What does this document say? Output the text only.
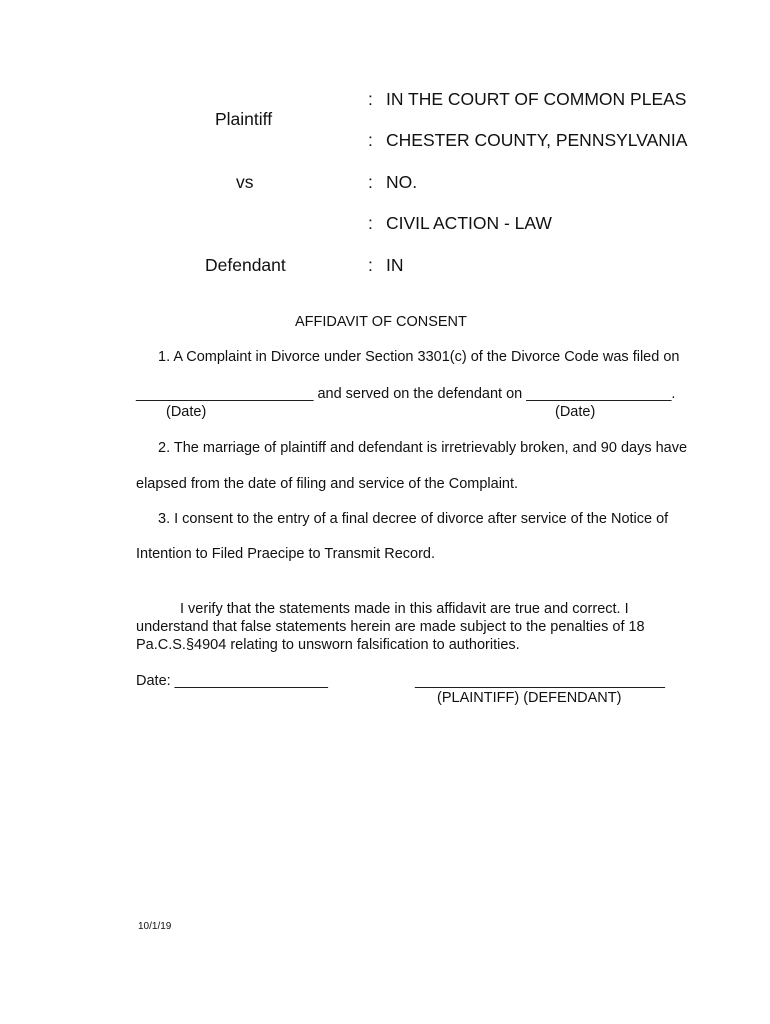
Plaintiff
vs
Defendant
: IN THE COURT OF COMMON PLEAS
: CHESTER COUNTY, PENNSYLVANIA
: NO.
: CIVIL ACTION - LAW
: IN
AFFIDAVIT OF CONSENT
1. A Complaint in Divorce under Section 3301(c) of the Divorce Code was filed on
______________________ and served on the defendant on __________________.
(Date)	(Date)
2. The marriage of plaintiff and defendant is irretrievably broken, and 90 days have
elapsed from the date of filing and service of the Complaint.
3. I consent to the entry of a final decree of divorce after service of the Notice of
Intention to Filed Praecipe to Transmit Record.
I verify that the statements made in this affidavit are true and correct. I understand that false statements herein are made subject to the penalties of 18 Pa.C.S.§4904 relating to unsworn falsification to authorities.
Date: ___________________	_______________________________
(PLAINTIFF) (DEFENDANT)
10/1/19
